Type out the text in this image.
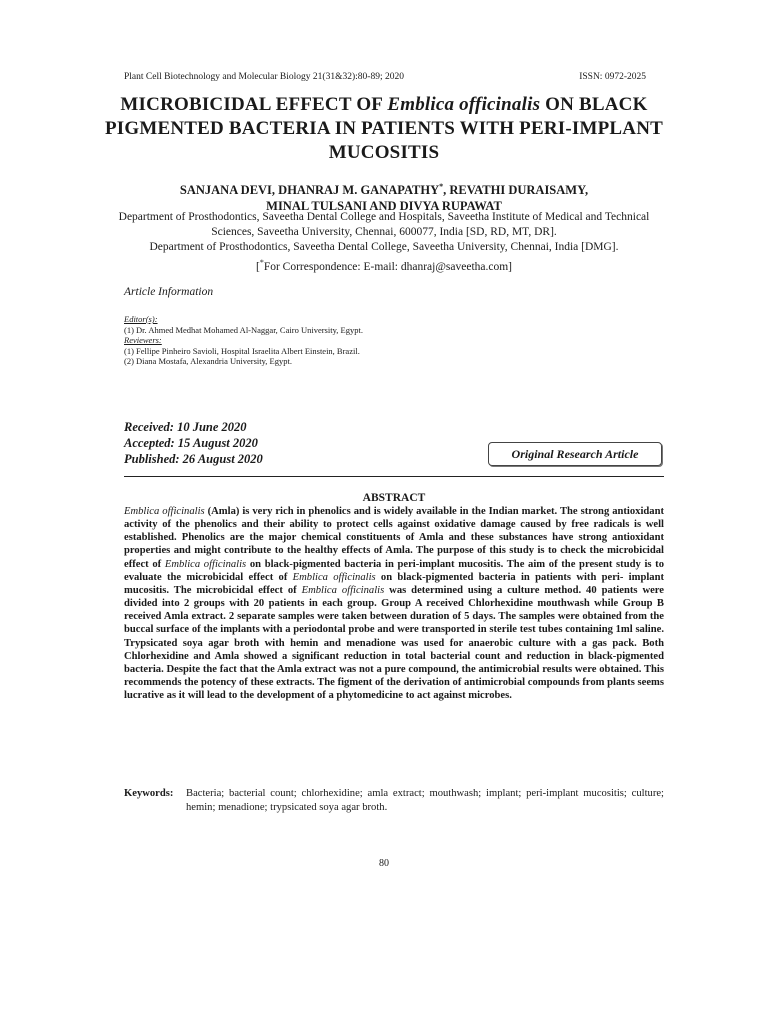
Plant Cell Biotechnology and Molecular Biology 21(31&32):80-89; 2020	ISSN: 0972-2025
MICROBICIDAL EFFECT OF Emblica officinalis ON BLACK PIGMENTED BACTERIA IN PATIENTS WITH PERI-IMPLANT MUCOSITIS
SANJANA DEVI, DHANRAJ M. GANAPATHY*, REVATHI DURAISAMY,
MINAL TULSANI AND DIVYA RUPAWAT
Department of Prosthodontics, Saveetha Dental College and Hospitals, Saveetha Institute of Medical and Technical Sciences, Saveetha University, Chennai, 600077, India [SD, RD, MT, DR].
Department of Prosthodontics, Saveetha Dental College, Saveetha University, Chennai, India [DMG].
[*For Correspondence: E-mail: dhanraj@saveetha.com]
Article Information
Editor(s):
(1) Dr. Ahmed Medhat Mohamed Al-Naggar, Cairo University, Egypt.
Reviewers:
(1) Fellipe Pinheiro Savioli, Hospital Israelita Albert Einstein, Brazil.
(2) Diana Mostafa, Alexandria University, Egypt.
Received: 10 June 2020
Accepted: 15 August 2020
Published: 26 August 2020	Original Research Article
ABSTRACT
Emblica officinalis (Amla) is very rich in phenolics and is widely available in the Indian market. The strong antioxidant activity of the phenolics and their ability to protect cells against oxidative damage caused by free radicals is well established. Phenolics are the major chemical constituents of Amla and these substances have strong antioxidant properties and might contribute to the healthy effects of Amla. The purpose of this study is to check the microbicidal effect of Emblica officinalis on black-pigmented bacteria in peri-implant mucositis. The aim of the present study is to evaluate the microbicidal effect of Emblica officinalis on black-pigmented bacteria in patients with peri- implant mucositis. The microbicidal effect of Emblica officinalis was determined using a culture method. 40 patients were divided into 2 groups with 20 patients in each group. Group A received Chlorhexidine mouthwash while Group B received Amla extract. 2 separate samples were taken between duration of 5 days. The samples were obtained from the buccal surface of the implants with a periodontal probe and were transported in sterile test tubes containing 1ml saline. Trypsicated soya agar broth with hemin and menadione was used for anaerobic culture with a gas pack. Both Chlorhexidine and Amla showed a significant reduction in total bacterial count and reduction in black-pigmented bacteria. Despite the fact that the Amla extract was not a pure compound, the antimicrobial results were obtained. This recommends the potency of these extracts. The figment of the derivation of antimicrobial compounds from plants seems lucrative as it will lead to the development of a phytomedicine to act against microbes.
Keywords:	Bacteria; bacterial count; chlorhexidine; amla extract; mouthwash; implant; peri-implant mucositis; culture; hemin; menadione; trypsicated soya agar broth.
80
